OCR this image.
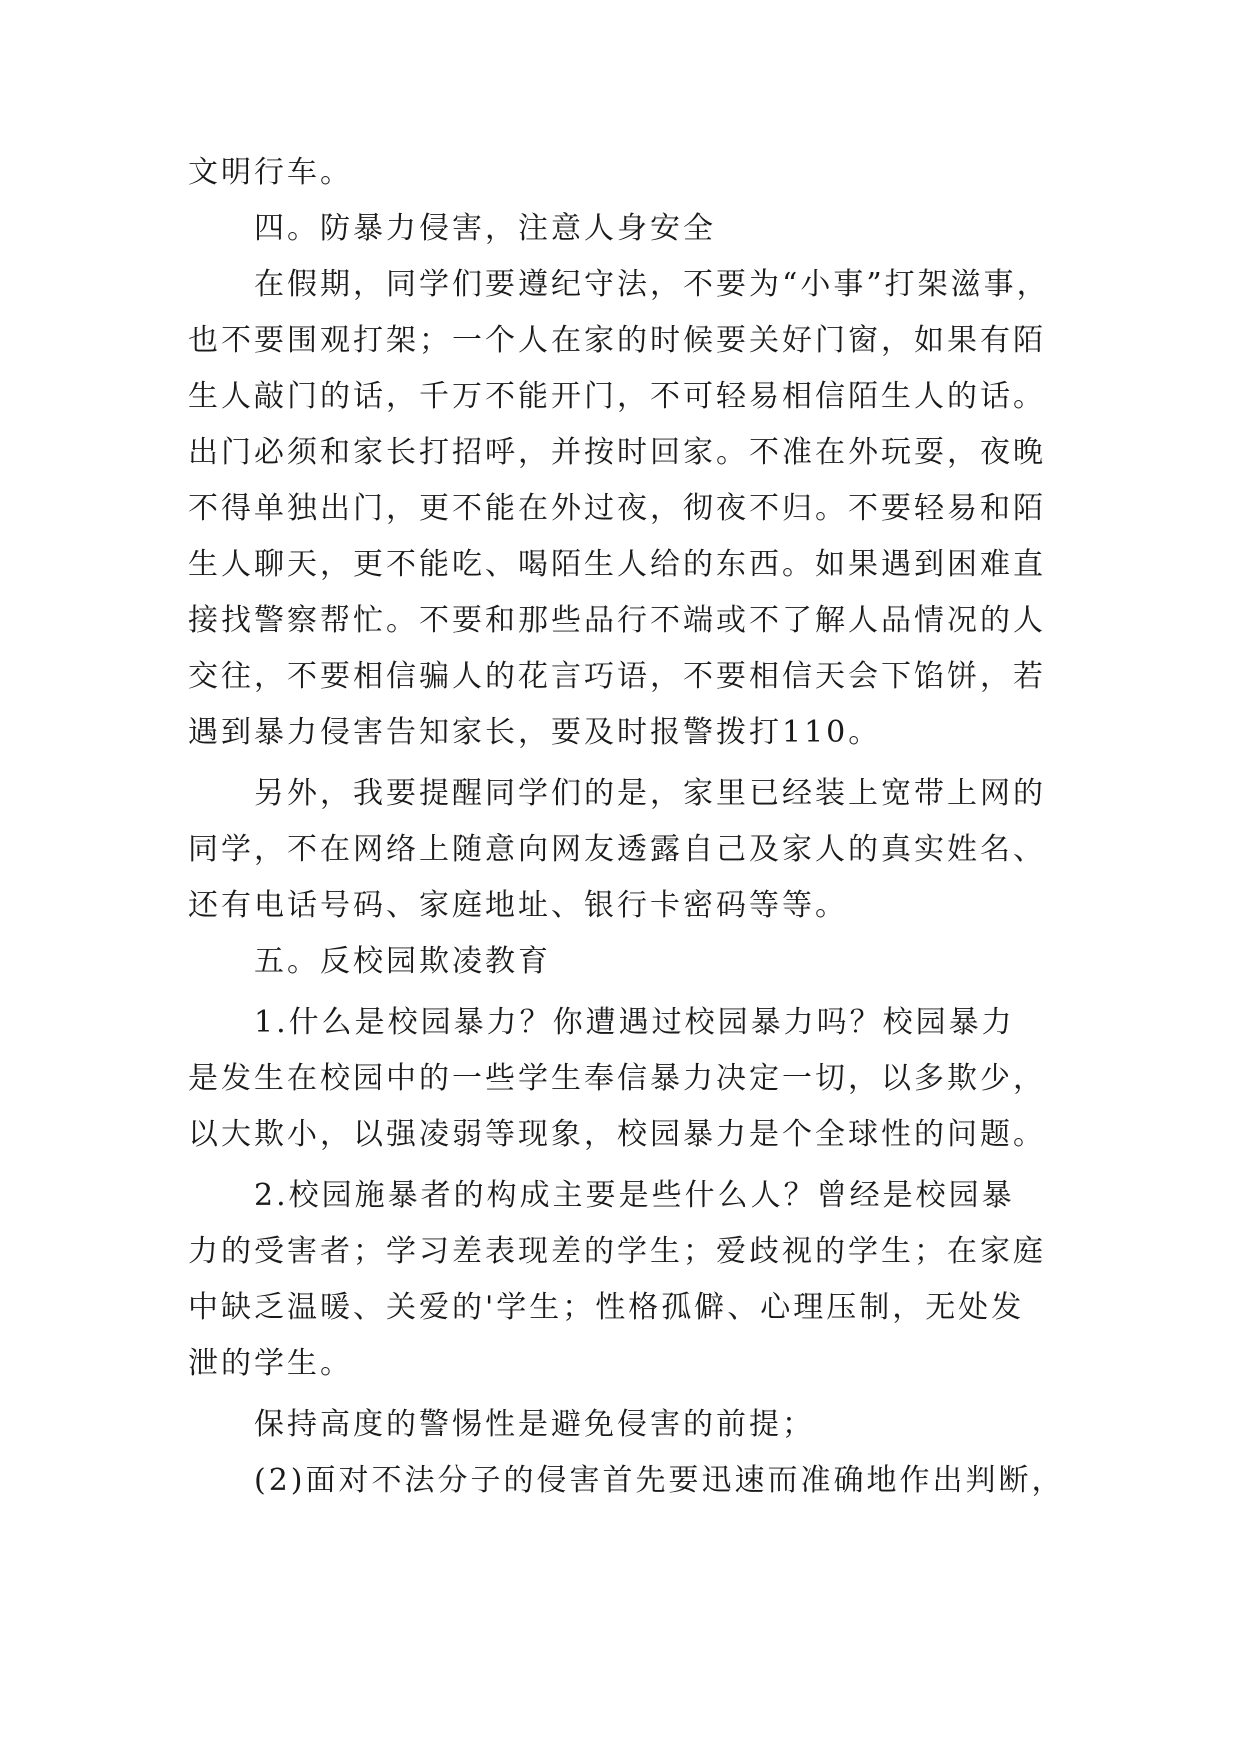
文明行车。
四。防暴力侵害，注意人身安全
在假期，同学们要遵纪守法，不要为“小事”打架滋事，
也不要围观打架；一个人在家的时候要关好门窗，如果有陌
生人敲门的话，千万不能开门，不可轻易相信陌生人的话。
出门必须和家长打招呼，并按时回家。不准在外玩耍，夜晚
不得单独出门，更不能在外过夜，彻夜不归。不要轻易和陌
生人聊天，更不能吃、喝陌生人给的东西。如果遇到困难直
接找警察帮忙。不要和那些品行不端或不了解人品情况的人
交往，不要相信骗人的花言巧语，不要相信天会下馅饼，若
遇到暴力侵害告知家长，要及时报警拨打110。
另外，我要提醒同学们的是，家里已经装上宽带上网的
同学，不在网络上随意向网友透露自己及家人的真实姓名、
还有电话号码、家庭地址、银行卡密码等等。
五。反校园欺凌教育
1.什么是校园暴力？你遭遇过校园暴力吗？校园暴力
是发生在校园中的一些学生奉信暴力决定一切，以多欺少，
以大欺小，以强凌弱等现象，校园暴力是个全球性的问题。
2.校园施暴者的构成主要是些什么人？曾经是校园暴
力的受害者；学习差表现差的学生；爱歧视的学生；在家庭
中缺乏温暖、关爱的'学生；性格孤僻、心理压制，无处发
泄的学生。
保持高度的警惕性是避免侵害的前提；
(2)面对不法分子的侵害首先要迅速而准确地作出判断，
